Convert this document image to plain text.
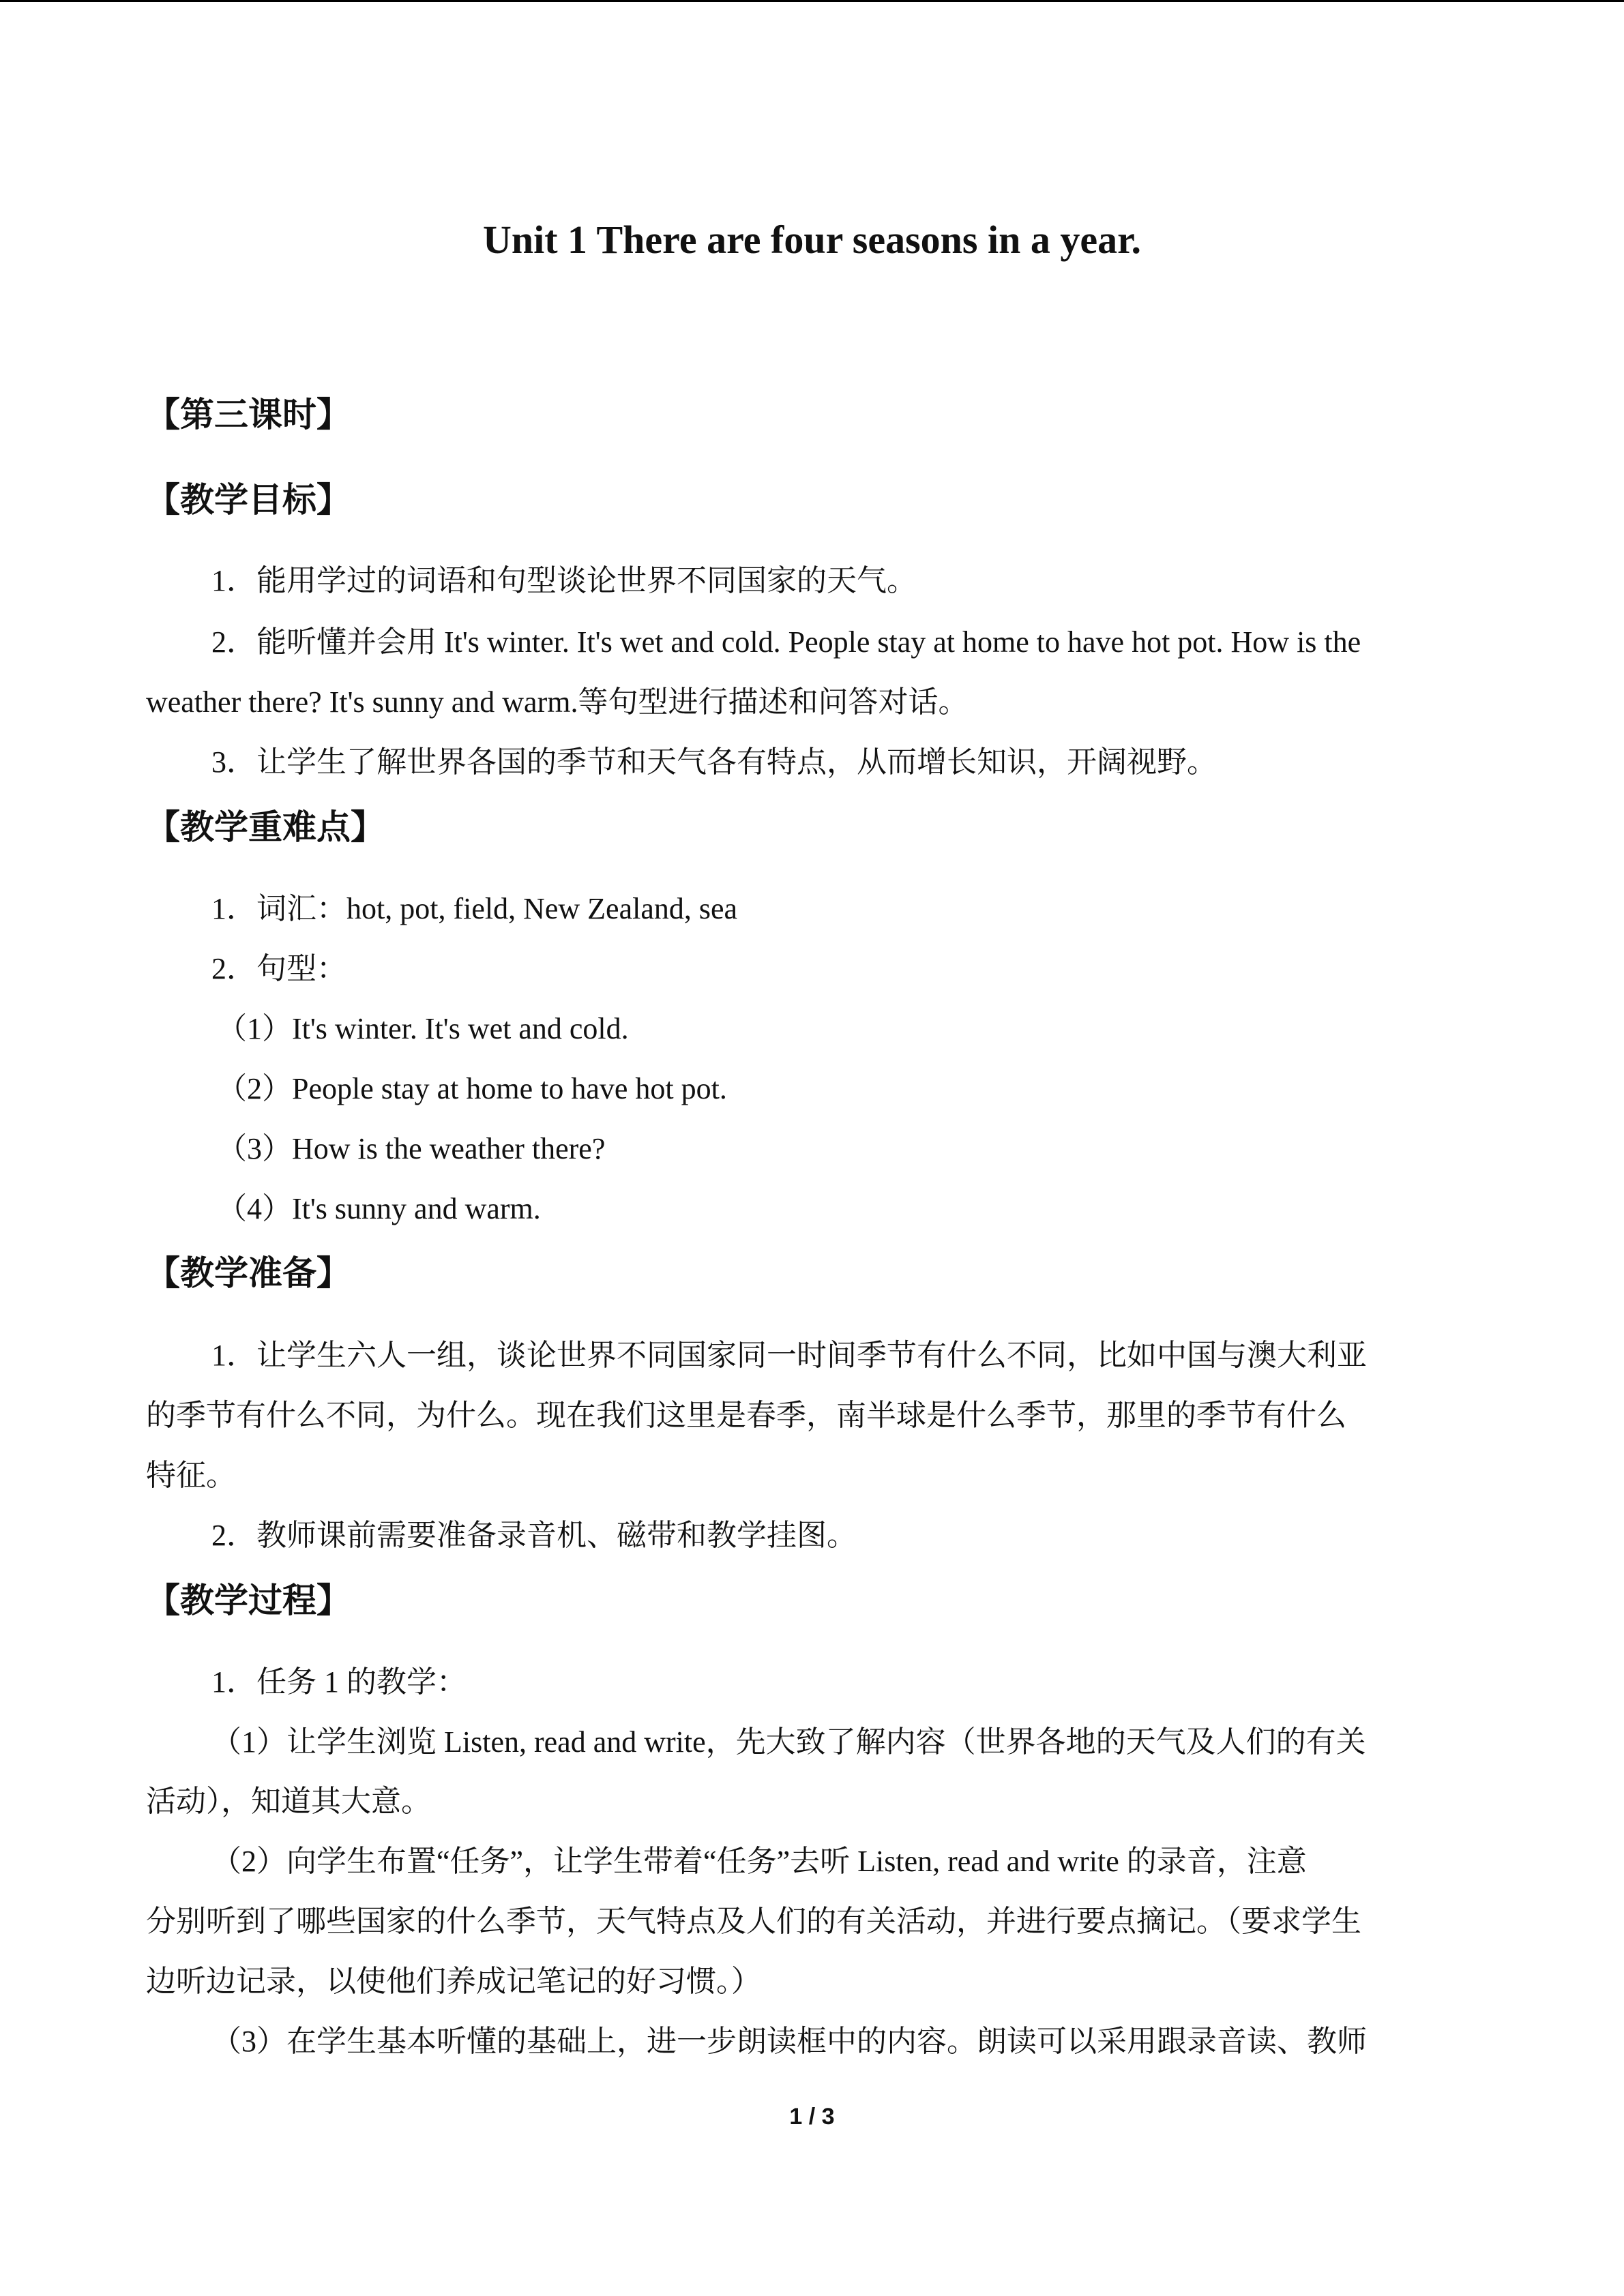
Unit 1 There are four seasons in a year.
【第三课时】
【教学目标】
1．能用学过的词语和句型谈论世界不同国家的天气。
2．能听懂并会用 It's winter. It's wet and cold. People stay at home to have hot pot. How is the
weather there? It's sunny and warm.等句型进行描述和问答对话。
3．让学生了解世界各国的季节和天气各有特点，从而增长知识，开阔视野。
【教学重难点】
1．词汇：hot, pot, field, New Zealand, sea
2．句型：
（1）It's winter. It's wet and cold.
（2）People stay at home to have hot pot.
（3）How is the weather there?
（4）It's sunny and warm.
【教学准备】
1．让学生六人一组，谈论世界不同国家同一时间季节有什么不同，比如中国与澳大利亚
的季节有什么不同，为什么。现在我们这里是春季，南半球是什么季节，那里的季节有什么
特征。
2．教师课前需要准备录音机、磁带和教学挂图。
【教学过程】
1．任务 1 的教学：
（1）让学生浏览 Listen, read and write，先大致了解内容（世界各地的天气及人们的有关
活动），知道其大意。
（2）向学生布置“任务”，让学生带着“任务”去听 Listen, read and write 的录音，注意
分别听到了哪些国家的什么季节，天气特点及人们的有关活动，并进行要点摘记。（要求学生
边听边记录，以使他们养成记笔记的好习惯。）
（3）在学生基本听懂的基础上，进一步朗读框中的内容。朗读可以采用跟录音读、教师
1 / 3
